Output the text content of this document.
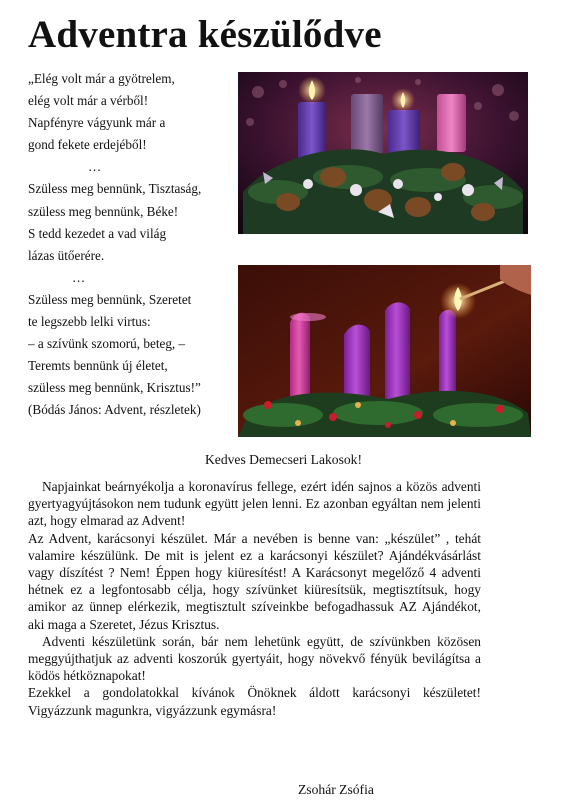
Adventra készülődve
„Elég volt már a gyötrelem,
elég volt már a vérből!
Napfényre vágyunk már a
gond fekete erdejéből!
…
Szüless meg bennünk, Tisztaság,
szüless meg bennünk, Béke!
S tedd kezedet a vad világ
lázas ütőerére.
…
Szüless meg bennünk, Szeretet
te legszebb lelki virtus:
– a szívünk szomorú, beteg, –
Teremts bennünk új életet,
szüless meg bennünk, Krisztus!”
(Bódás János: Advent, részletek)
Kedves Demecseri Lakosok!

Napjainkat beárnyékolja a koronavírus fellege, ezért idén sajnos a közös adventi gyertyagyújtásokon nem tudunk együtt jelen lenni. Ez azonban egyáltan nem jelenti azt, hogy elmarad az Advent!

Az Advent, karácsonyi készület. Már a nevében is benne van: „készület” , tehát valamire készülünk. De mit is jelent ez a karácsonyi készület? Ajándékvásárlást vagy díszítést ? Nem! Éppen hogy kiüresítést! A Karácsonyt megelőző 4 adventi hétnek ez a legfontosabb célja, hogy szívünket kiüresítsük, megtisztítsuk, hogy amikor az ünnep elérkezik, megtisztult szíveinkbe befogadhassuk AZ Ajándékot, aki maga a Szeretet, Jézus Krisztus.

Adventi készületünk során, bár nem lehetünk együtt, de szívünkben közösen meggyújthatjuk az adventi koszorúk gyertyáit, hogy növekvő fényük bevilágítsa a ködös hétköznapokat!

Ezekkel a gondolatokkal kívánok Önöknek áldott karácsonyi készületet! Vigyázzunk magunkra, vigyázzunk egymásra!

Zsohár Zsófia
